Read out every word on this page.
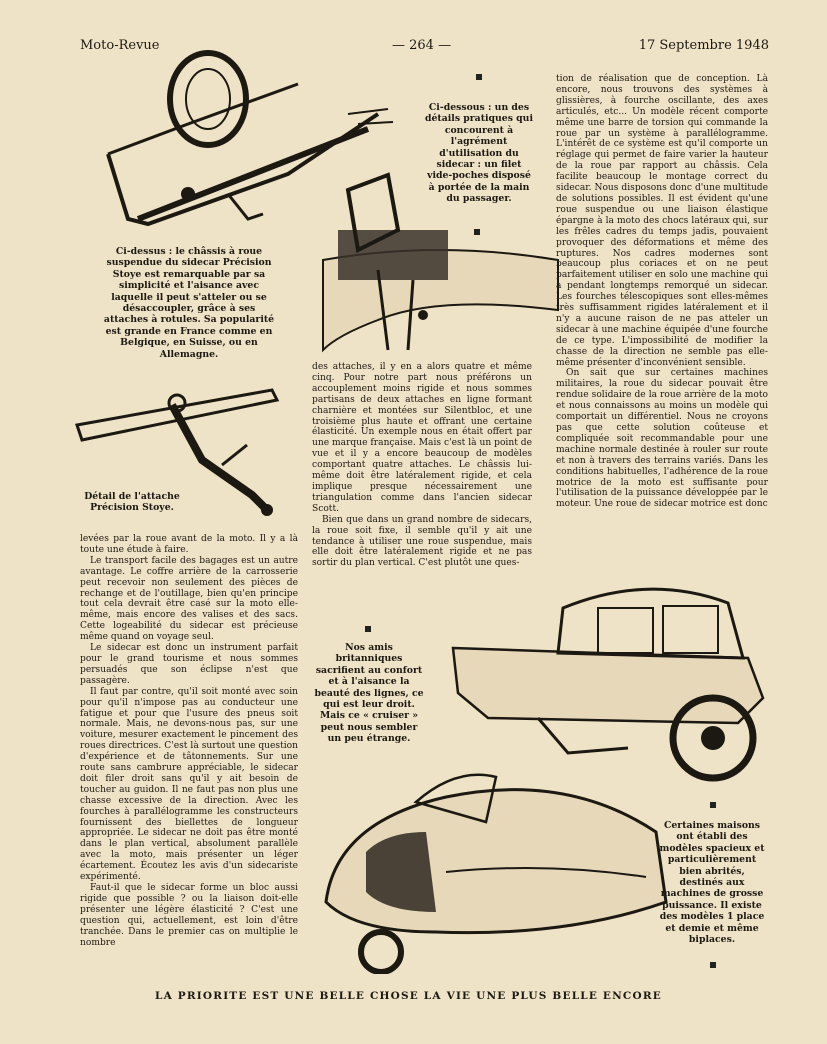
Moto-Revue	— 264 —	17 Septembre 1948
Ci-dessus : le châssis à roue suspendue du sidecar Précision Stoye est remarquable par sa simplicité et l'aisance avec laquelle il peut s'atteler ou se désaccoupler, grâce à ses attaches à rotules. Sa popularité est grande en France comme en Belgique, en Suisse, ou en Allemagne.
Ci-dessous : un des détails pratiques qui concourent à l'agrément d'utilisation du sidecar : un filet vide-poches disposé à portée de la main du passager.
Détail de l'attache Précision Stoye.
Nos amis britanniques sacrifient au confort et à l'aisance la beauté des lignes, ce qui est leur droit. Mais ce « cruiser » peut nous sembler un peu étrange.
Certaines maisons ont établi des modèles spacieux et particulièrement bien abrités, destinés aux machines de grosse puissance. Il existe des modèles 1 place et demie et même biplaces.

levées par la roue avant de la moto. Il y a là toute une étude à faire.

Le transport facile des bagages est un autre avantage. Le coffre arrière de la carrosserie peut recevoir non seulement des pièces de rechange et de l'outillage, bien qu'en principe tout cela devrait être casé sur la moto elle-même, mais encore des valises et des sacs. Cette logeabilité du sidecar est précieuse même quand on voyage seul.

Le sidecar est donc un instrument parfait pour le grand tourisme et nous sommes persuadés que son éclipse n'est que passagère.

Il faut par contre, qu'il soit monté avec soin pour qu'il n'impose pas au conducteur une fatigue et pour que l'usure des pneus soit normale. Mais, ne devons-nous pas, sur une voiture, mesurer exactement le pincement des roues directrices. C'est là surtout une question d'expérience et de tâtonnements. Sur une route sans cambrure appréciable, le sidecar doit filer droit sans qu'il y ait besoin de toucher au guidon. Il ne faut pas non plus une chasse excessive de la direction. Avec les fourches à parallélogramme les constructeurs fournissent des biellettes de longueur appropriée. Le sidecar ne doit pas être monté dans le plan vertical, absolument parallèle avec la moto, mais présenter un léger écartement. Écoutez les avis d'un sidecariste expérimenté.

Faut-il que le sidecar forme un bloc aussi rigide que possible ? ou la liaison doit-elle présenter une légère élasticité ? C'est une question qui, actuellement, est loin d'être tranchée. Dans le premier cas on multiplie le nombre

des attaches, il y en a alors quatre et même cinq. Pour notre part nous préférons un accouplement moins rigide et nous sommes partisans de deux attaches en ligne formant charnière et montées sur Silentbloc, et une troisième plus haute et offrant une certaine élasticité. Un exemple nous en était offert par une marque française. Mais c'est là un point de vue et il y a encore beaucoup de modèles comportant quatre attaches. Le châssis lui-même doit être latéralement rigide, et cela implique presque nécessairement une triangulation comme dans l'ancien sidecar Scott.

Bien que dans un grand nombre de sidecars, la roue soit fixe, il semble qu'il y ait une tendance à utiliser une roue suspendue, mais elle doit être latéralement rigide et ne pas sortir du plan vertical. C'est plutôt une ques-

tion de réalisation que de conception. Là encore, nous trouvons des systèmes à glissières, à fourche oscillante, des axes articulés, etc... Un modèle récent comporte même une barre de torsion qui commande la roue par un système à parallélogramme. L'intérêt de ce système est qu'il comporte un réglage qui permet de faire varier la hauteur de la roue par rapport au châssis. Cela facilite beaucoup le montage correct du sidecar. Nous disposons donc d'une multitude de solutions possibles. Il est évident qu'une roue suspendue ou une liaison élastique épargne à la moto des chocs latéraux qui, sur les frêles cadres du temps jadis, pouvaient provoquer des déformations et même des ruptures. Nos cadres modernes sont beaucoup plus coriaces et on ne peut parfaitement utiliser en solo une machine qui a pendant longtemps remorqué un sidecar. Les fourches télescopiques sont elles-mêmes très suffisamment rigides latéralement et il n'y a aucune raison de ne pas atteler un sidecar à une machine équipée d'une fourche de ce type. L'impossibilité de modifier la chasse de la direction ne semble pas elle-même présenter d'inconvénient sensible.

On sait que sur certaines machines militaires, la roue du sidecar pouvait être rendue solidaire de la roue arrière de la moto et nous connaissons au moins un modèle qui comportait un différentiel. Nous ne croyons pas que cette solution coûteuse et compliquée soit recommandable pour une machine normale destinée à rouler sur route et non à travers des terrains variés. Dans les conditions habituelles, l'adhérence de la roue motrice de la moto est suffisante pour l'utilisation de la puissance développée par le moteur. Une roue de sidecar motrice est donc

LA PRIORITE EST UNE BELLE CHOSE LA VIE UNE PLUS BELLE ENCORE
